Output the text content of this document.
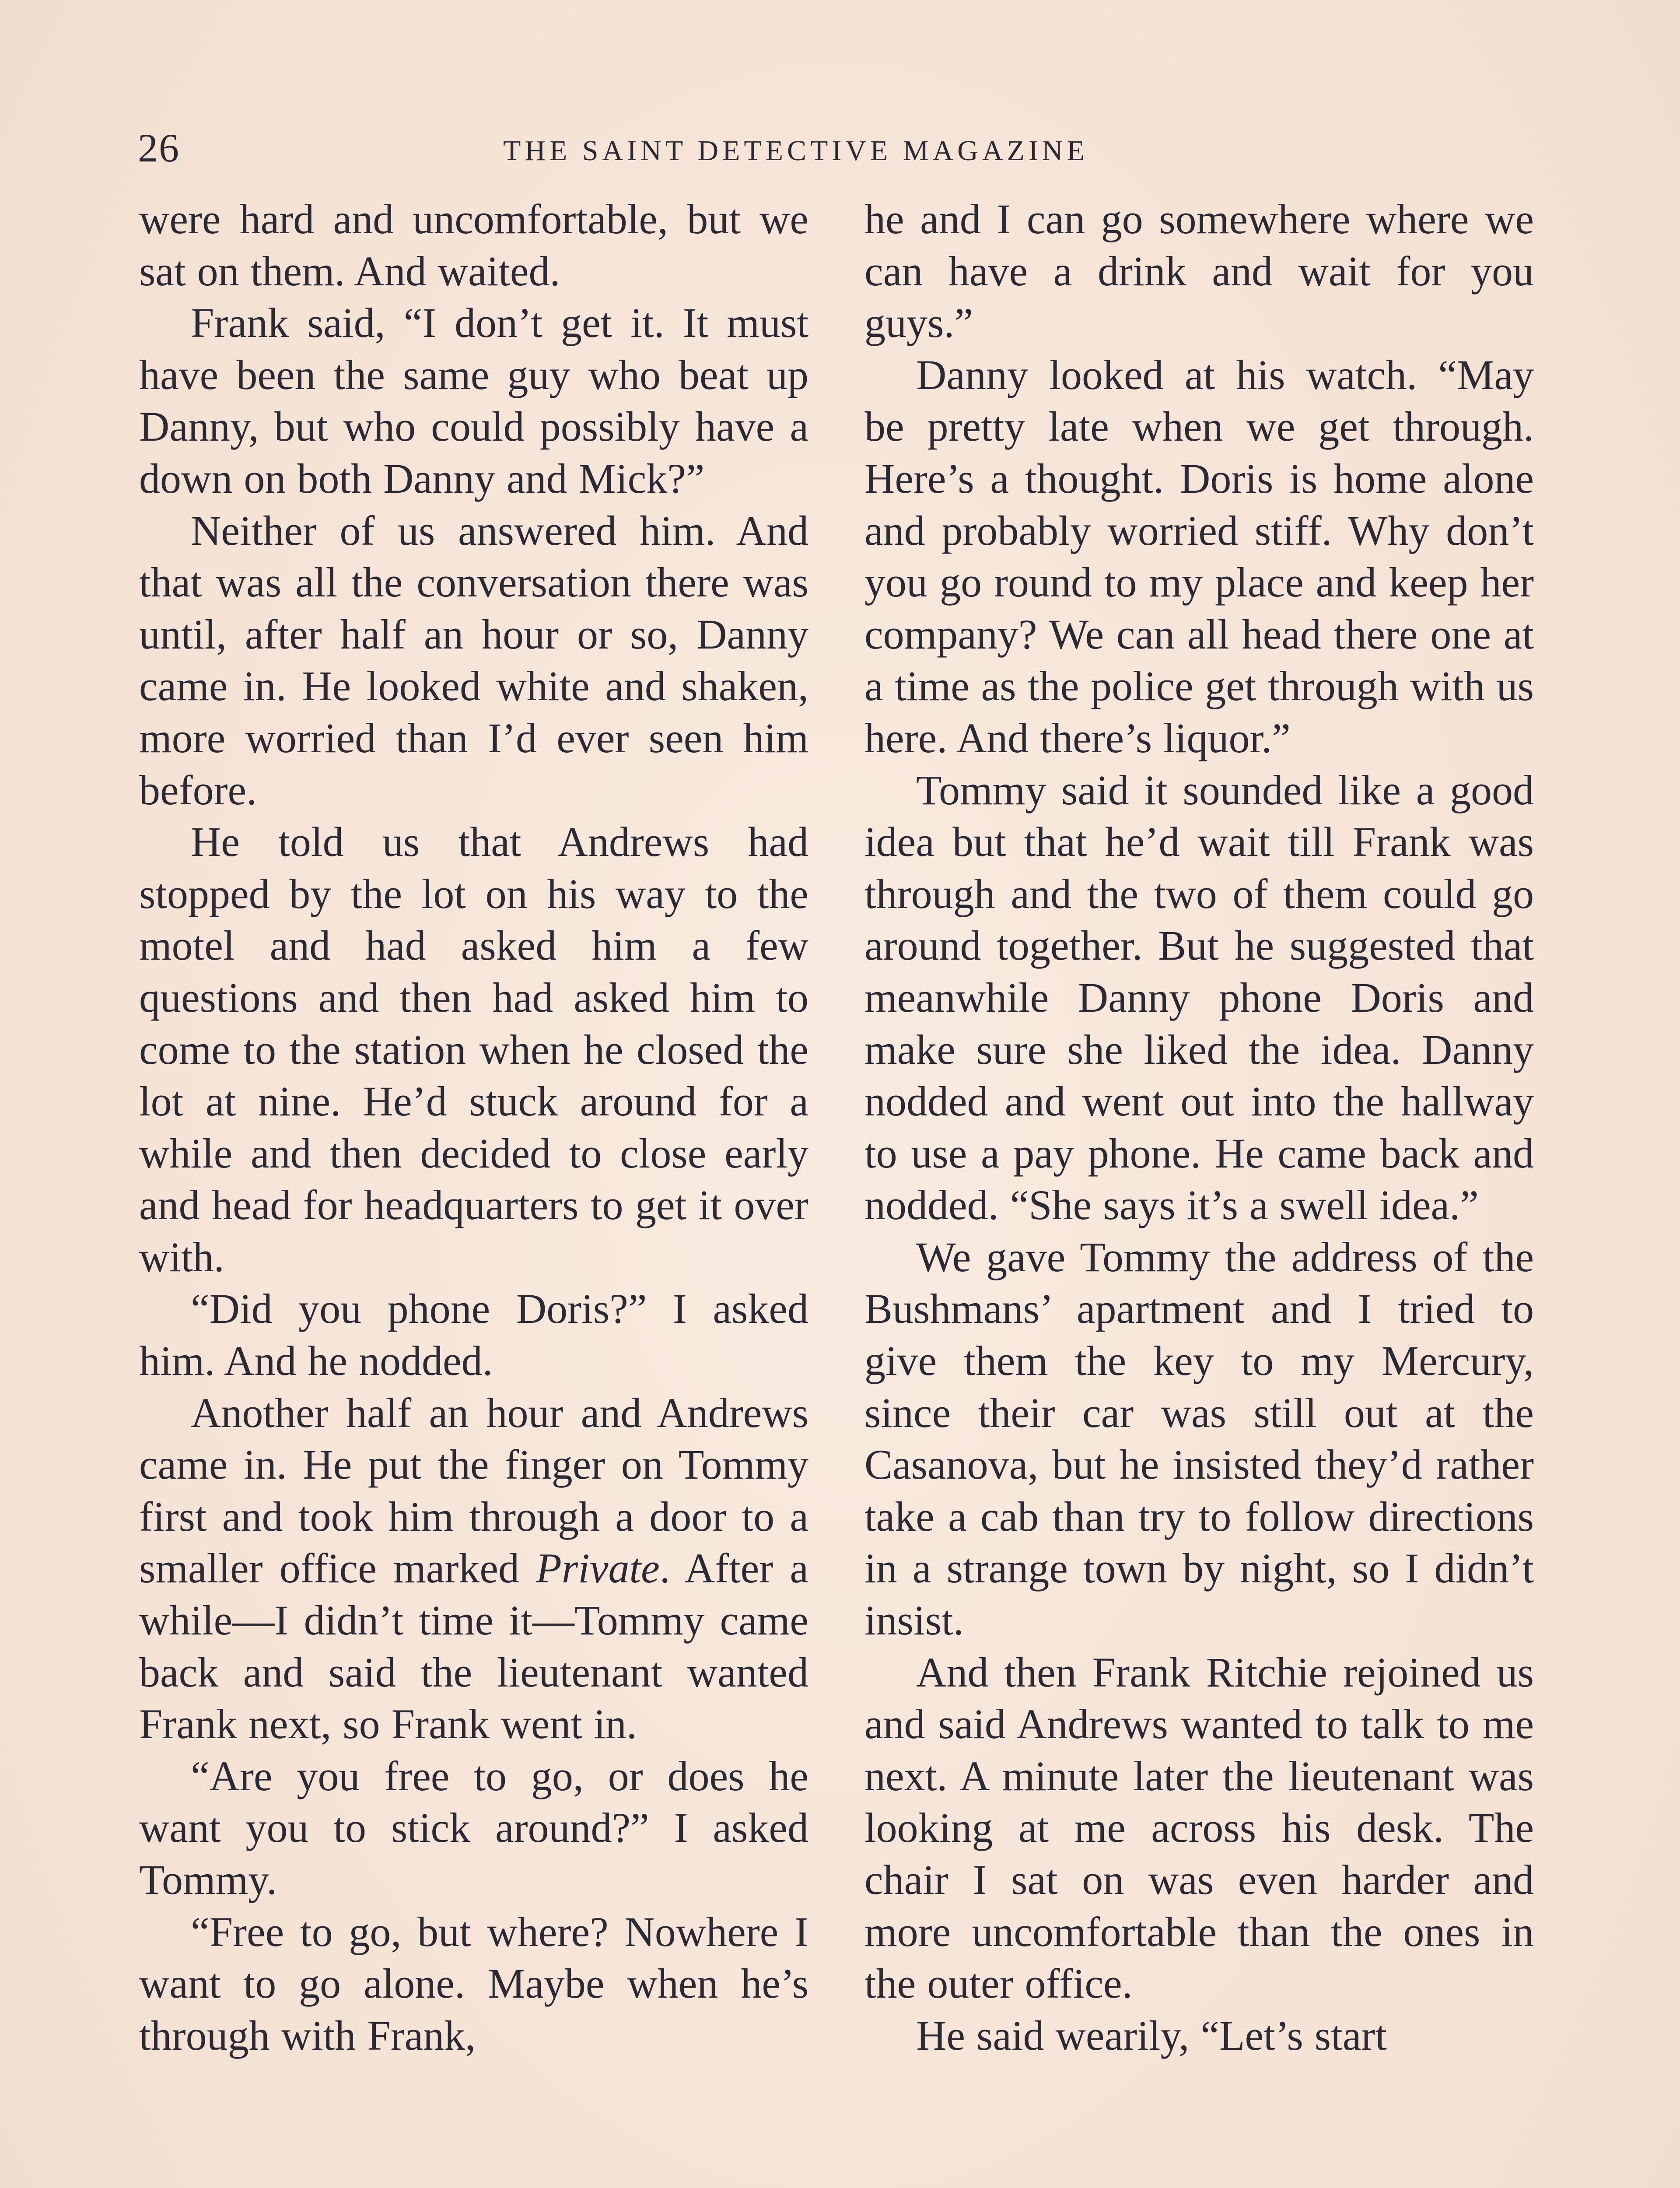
26	THE SAINT DETECTIVE MAGAZINE

were hard and uncomfortable, but we sat on them. And waited.

Frank said, “I don’t get it. It must have been the same guy who beat up Danny, but who could possibly have a down on both Danny and Mick?”

Neither of us answered him. And that was all the conversation there was until, after half an hour or so, Danny came in. He looked white and shaken, more worried than I’d ever seen him before.

He told us that Andrews had stopped by the lot on his way to the motel and had asked him a few questions and then had asked him to come to the station when he closed the lot at nine. He’d stuck around for a while and then decided to close early and head for headquarters to get it over with.

“Did you phone Doris?” I asked him. And he nodded.

Another half an hour and Andrews came in. He put the finger on Tommy first and took him through a door to a smaller office marked Private. After a while—I didn’t time it—Tommy came back and said the lieutenant wanted Frank next, so Frank went in.

“Are you free to go, or does he want you to stick around?” I asked Tommy.

“Free to go, but where? Nowhere I want to go alone. Maybe when he’s through with Frank,

he and I can go somewhere where we can have a drink and wait for you guys.”

Danny looked at his watch. “May be pretty late when we get through. Here’s a thought. Doris is home alone and probably worried stiff. Why don’t you go round to my place and keep her company? We can all head there one at a time as the police get through with us here. And there’s liquor.”

Tommy said it sounded like a good idea but that he’d wait till Frank was through and the two of them could go around together. But he suggested that meanwhile Danny phone Doris and make sure she liked the idea. Danny nodded and went out into the hallway to use a pay phone. He came back and nodded. “She says it’s a swell idea.”

We gave Tommy the address of the Bushmans’ apartment and I tried to give them the key to my Mercury, since their car was still out at the Casanova, but he insisted they’d rather take a cab than try to follow directions in a strange town by night, so I didn’t insist.

And then Frank Ritchie rejoined us and said Andrews wanted to talk to me next. A minute later the lieutenant was looking at me across his desk. The chair I sat on was even harder and more uncomfortable than the ones in the outer office.

He said wearily, “Let’s start
